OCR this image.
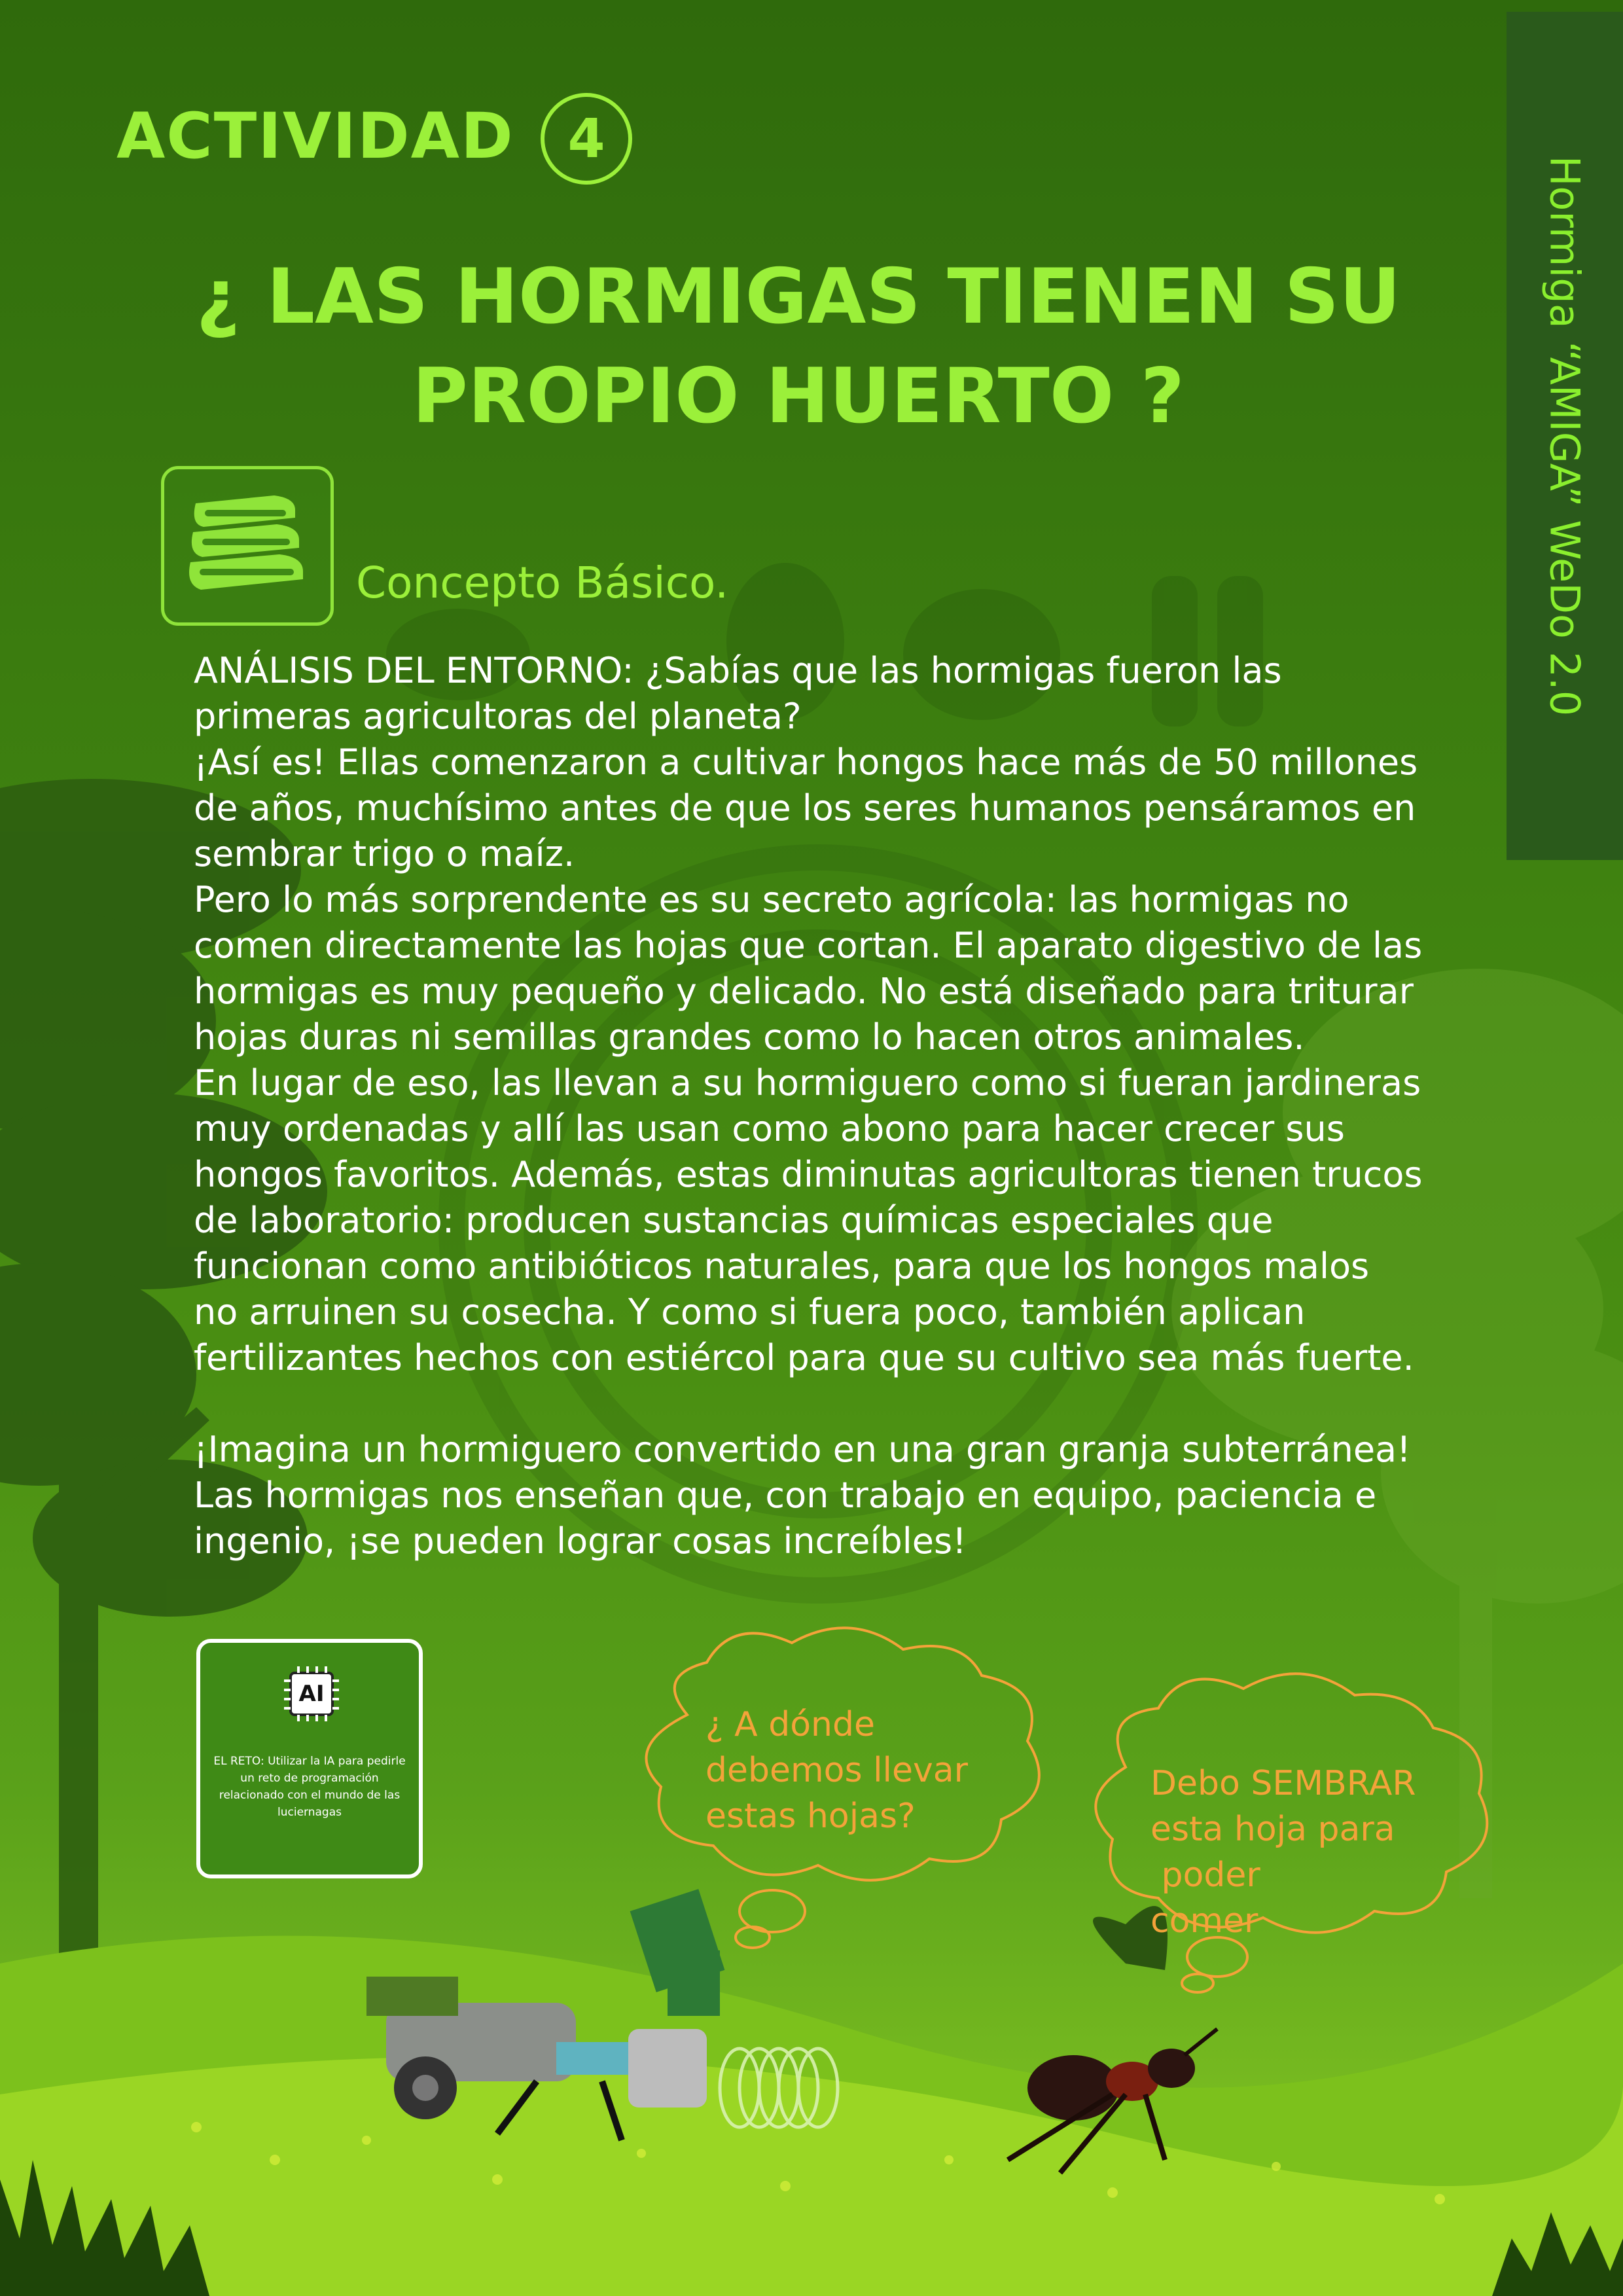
Hormiga “AMIGA” WeDo 2.0
ACTIVIDAD 4
¿ LAS HORMIGAS TIENEN SU
PROPIO HUERTO ?
Concepto Básico.

ANÁLISIS DEL ENTORNO: ¿Sabías que las hormigas fueron las primeras agricultoras del planeta?

¡Así es! Ellas comenzaron a cultivar hongos hace más de 50 millones de años, muchísimo antes de que los seres humanos pensáramos en sembrar trigo o maíz.

Pero lo más sorprendente es su secreto agrícola: las hormigas no comen directamente las hojas que cortan. El aparato digestivo de las hormigas es muy pequeño y delicado. No está diseñado para triturar hojas duras ni semillas grandes como lo hacen otros animales.

En lugar de eso, las llevan a su hormiguero como si fueran jardineras muy ordenadas y allí las usan como abono para hacer crecer sus hongos favoritos. Además, estas diminutas agricultoras tienen trucos de laboratorio: producen sustancias químicas especiales que funcionan como antibióticos naturales, para que los hongos malos no arruinen su cosecha. Y como si fuera poco, también aplican fertilizantes hechos con estiércol para que su cultivo sea más fuerte.

¡Imagina un hormiguero convertido en una gran granja subterránea! Las hormigas nos enseñan que, con trabajo en equipo, paciencia e ingenio, ¡se pueden lograr cosas increíbles!

AI
EL RETO: Utilizar la IA para pedirle un reto de programación relacionado con el mundo de las luciernagas
¿ A dónde
debemos llevar
estas hojas?
Debo SEMBRAR
esta hoja para
poder
comer
